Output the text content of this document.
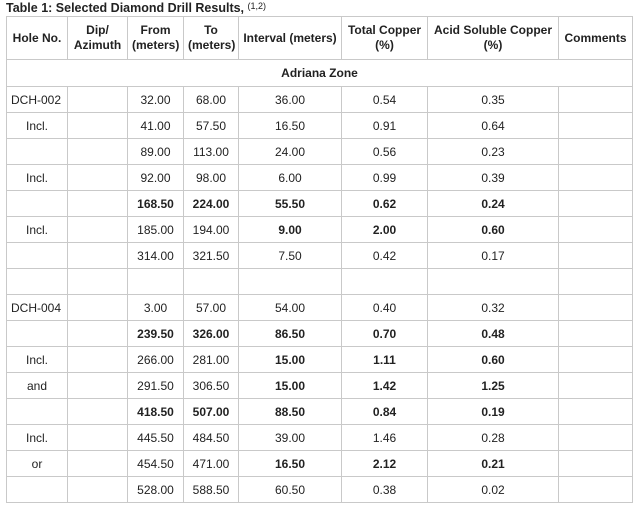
Table 1: Selected Diamond Drill Results, $^{(1,2)}$
Hole No.	Dip/ Azimuth	From (meters)	To (meters)	Interval (meters)	Total Copper (%)	Acid Soluble Copper (%)	Comments
Adriana Zone							
DCH-002		32.00	68.00	36.00	0.54	0.35	
Incl.		41.00	57.50	16.50	0.91	0.64	
		89.00	113.00	24.00	0.56	0.23	
Incl.		92.00	98.00	6.00	0.99	0.39	
		168.50	224.00	55.50	0.62	0.24	
Incl.		185.00	194.00	9.00	2.00	0.60	
		314.00	321.50	7.50	0.42	0.17	

DCH-004		3.00	57.00	54.00	0.40	0.32	
		239.50	326.00	86.50	0.70	0.48	
Incl.		266.00	281.00	15.00	1.11	0.60	
and		291.50	306.50	15.00	1.42	1.25	
		418.50	507.00	88.50	0.84	0.19	
Incl.		445.50	484.50	39.00	1.46	0.28	
or		454.50	471.00	16.50	2.12	0.21	
		528.00	588.50	60.50	0.38	0.02	
